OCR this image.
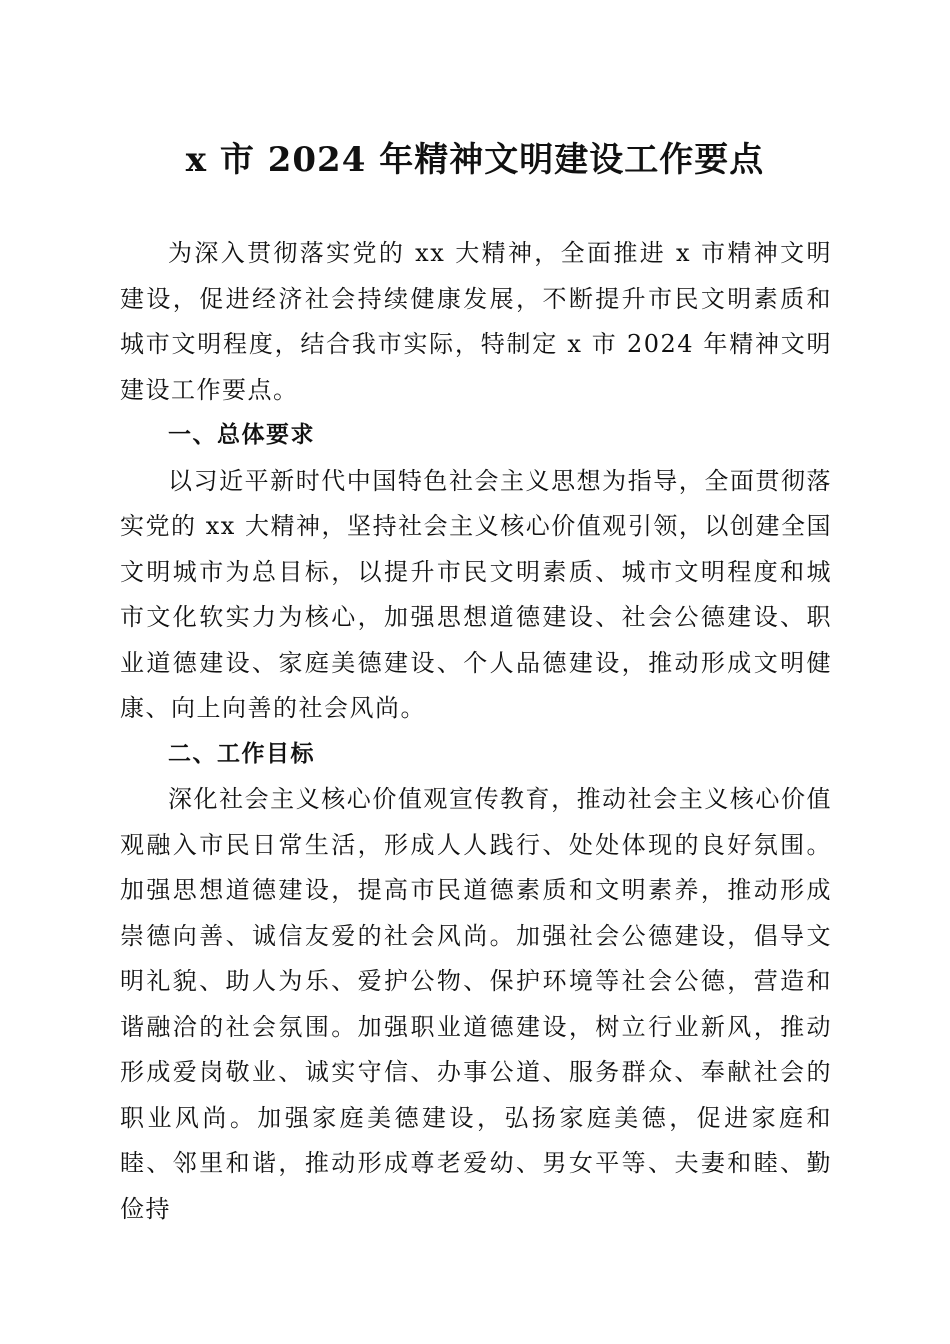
x 市 2024 年精神文明建设工作要点

为深入贯彻落实党的 xx 大精神，全面推进 x 市精神文明建设，促进经济社会持续健康发展，不断提升市民文明素质和城市文明程度，结合我市实际，特制定 x 市 2024 年精神文明建设工作要点。

一、总体要求

以习近平新时代中国特色社会主义思想为指导，全面贯彻落实党的 xx 大精神，坚持社会主义核心价值观引领，以创建全国文明城市为总目标，以提升市民文明素质、城市文明程度和城市文化软实力为核心，加强思想道德建设、社会公德建设、职业道德建设、家庭美德建设、个人品德建设，推动形成文明健康、向上向善的社会风尚。

二、工作目标

深化社会主义核心价值观宣传教育，推动社会主义核心价值观融入市民日常生活，形成人人践行、处处体现的良好氛围。加强思想道德建设，提高市民道德素质和文明素养，推动形成崇德向善、诚信友爱的社会风尚。加强社会公德建设，倡导文明礼貌、助人为乐、爱护公物、保护环境等社会公德，营造和谐融洽的社会氛围。加强职业道德建设，树立行业新风，推动形成爱岗敬业、诚实守信、办事公道、服务群众、奉献社会的职业风尚。加强家庭美德建设，弘扬家庭美德，促进家庭和睦、邻里和谐，推动形成尊老爱幼、男女平等、夫妻和睦、勤俭持
